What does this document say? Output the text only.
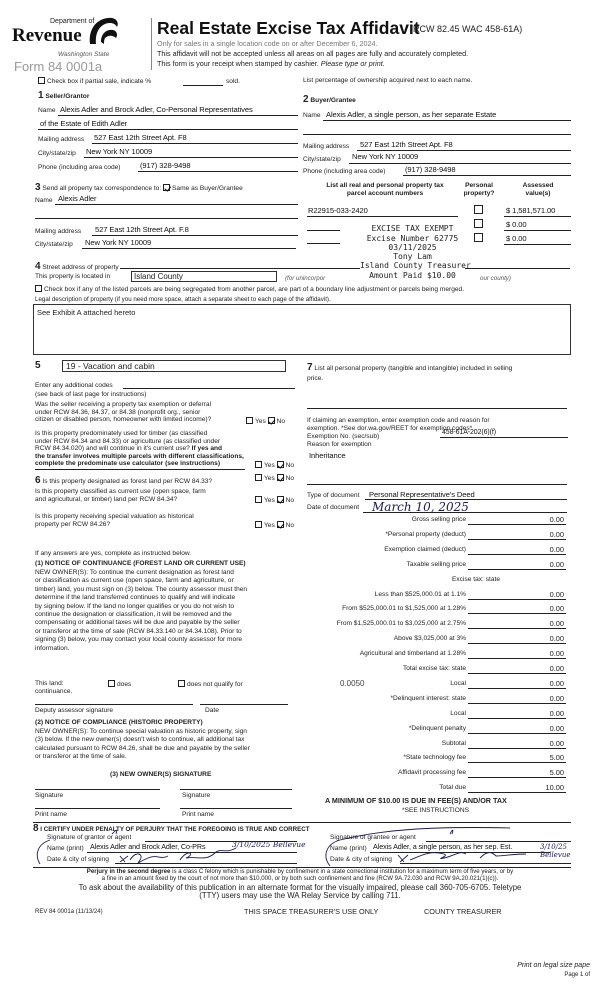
Department of
Revenue
Washington State
Form 84 0001a
Real Estate Excise Tax Affidavit
(RCW 82.45 WAC 458-61A)
Only for sales in a single location code on or after December 6, 2024.
This affidavit will not be accepted unless all areas on all pages are fully and accurately completed.
This form is your receipt when stamped by cashier. Please type or print.
Check box if partial sale, indicate %	sold.	List percentage of ownership acquired next to each name.
1 Seller/Grantor
Name Alexis Adler and Brock Adler, Co-Personal Representatives
of the Estate of Edith Adler
Mailing address 527 East 12th Street Apt. F8
City/state/zip New York NY 10009
Phone (including area code)	(917) 328-9498
2 Buyer/Grantee
Name Alexis Adler, a single person, as her separate Estate
Mailing address 527 East 12th Street Apt. F8
City/state/zip New York NY 10009
Phone (including area code)	(917) 328-9498
3 Send all property tax correspondence to: Same as Buyer/Grantee
Name Alexis Adler
Mailing address 527 East 12th Street Apt. F.8
City/state/zip New York NY 10009
List all real and personal property tax
parcel account numbers
Personal
property?
Assessed
value(s)
R22915-033-2420	$ 1,581,571.00
$ 0.00
$ 0.00
EXCISE TAX EXEMPT
Excise Number 62775
03/11/2025
Tony Lam
Island County Treasurer
Amount Paid $10.00
4 Street address of property
This property is located in	Island County	(for unincorpor	our county)
Check box if any of the listed parcels are being segregated from another parcel, are part of a boundary line adjustment or parcels being merged.
Legal description of property (if you need more space, attach a separate sheet to each page of the affidavit).
See Exhibit A attached hereto
5	19 - Vacation and cabin
Enter any additional codes
(see back of last page for instructions)
Was the seller receiving a property tax exemption or deferral
under RCW 84.36, 84.37, or 84.38 (nonprofit org., senior
citizen or disabled person, homeowner with limited income)?	Yes No
Is this property predominately used for timber (as classified
under RCW 84.34 and 84.33) or agriculture (as classified under
RCW 84.34.020) and will continue in it's current use? If yes and
the transfer involves multiple parcels with different classifications,
complete the predominate use calculator (see instructions)	Yes No
6 Is this property designated as forest land per RCW 84.33?	Yes No
Is this property classified as current use (open space, farm
and agricultural, or timber) land per RCW 84.34?	Yes No
Is this property receiving special valuation as historical
property per RCW 84.26?	Yes No
If any answers are yes, complete as instructed below.
(1) NOTICE OF CONTINUANCE (FOREST LAND OR CURRENT USE)
NEW OWNER(S): To continue the current designation as forest land
or classification as current use (open space, farm and agriculture, or
timber) land, you must sign on (3) below. The county assessor must then
determine if the land transferred continues to qualify and will indicate
by signing below. If the land no longer qualifies or you do not wish to
continue the designation or classification, it will be removed and the
compensating or additional taxes will be due and payable by the seller
or transferor at the time of sale (RCW 84.33.140 or 84.34.108). Prior to
signing (3) below, you may contact your local county assessor for more
information.
This land:	does	does not qualify for
continuance.
Deputy assessor signature	Date
(2) NOTICE OF COMPLIANCE (HISTORIC PROPERTY)
NEW OWNER(S): To continue special valuation as historic property, sign
(3) below. If the new owner(s) doesn't wish to continue, all additional tax
calculated pursuant to RCW 84.26, shall be due and payable by the seller
or transferor at the time of sale.
(3) NEW OWNER(S) SIGNATURE
Signature	Signature
Print name	Print name
7 List all personal property (tangible and intangible) included in selling
price.
If claiming an exemption, enter exemption code and reason for
exemption. *See dor.wa.gov/REET for exemption codes*
Exemption No. (sec/sub)
458-61A-202(6)(f)
Reason for exemption
Inheritance
Type of document Personal Representative's Deed
Date of document March 10, 2025
Gross selling price	0.00
*Personal property (deduct)	0.00
Exemption claimed (deduct)	0.00
Taxable selling price	0.00
Excise tax: state
Less than $525,000.01 at 1.1%	0.00
From $525,000.01 to $1,525,000 at 1.28%	0.00
From $1,525,000.01 to $3,025,000 at 2.75%	0.00
Above $3,025,000 at 3%	0.00
Agricultural and timberland at 1.28%	0.00
Total excise tax: state	0.00
Local	0.00
0.0050
*Delinquent interest: state	0.00
Local	0.00
*Delinquent penalty	0.00
Subtotal	0.00
*State technology fee	5.00
Affidavit processing fee	5.00
Total due	10.00
A MINIMUM OF $10.00 IS DUE IN FEE(S) AND/OR TAX
*SEE INSTRUCTIONS
8 I CERTIFY UNDER PENALTY OF PERJURY THAT THE FOREGOING IS TRUE AND CORRECT
Signature of grantor or agent
Name (print) Alexis Adler and Brock Adler, Co-PRs	3/10/2025 Bellevue
Date & city of signing
Signature of grantee or agent
Name (print) Alexis Adler, a single person, as her sep. Est.	3/10/25 Bellevue
Date & city of signing
Perjury in the second degree is a class C felony which is punishable by confinement in a state correctional institution for a maximum term of five years, or by
a fine in an amount fixed by the court of not more than $10,000, or by both such confinement and fine (RCW 9A.72.030 and RCW 9A.20.021(1)(c)).
To ask about the availability of this publication in an alternate format for the visually impaired, please call 360-705-6705. Teletype
(TTY) users may use the WA Relay Service by calling 711.
REV 84 0001a (11/13/24)	THIS SPACE TREASURER'S USE ONLY	COUNTY TREASURER
Print on legal size pape
Page 1 of
